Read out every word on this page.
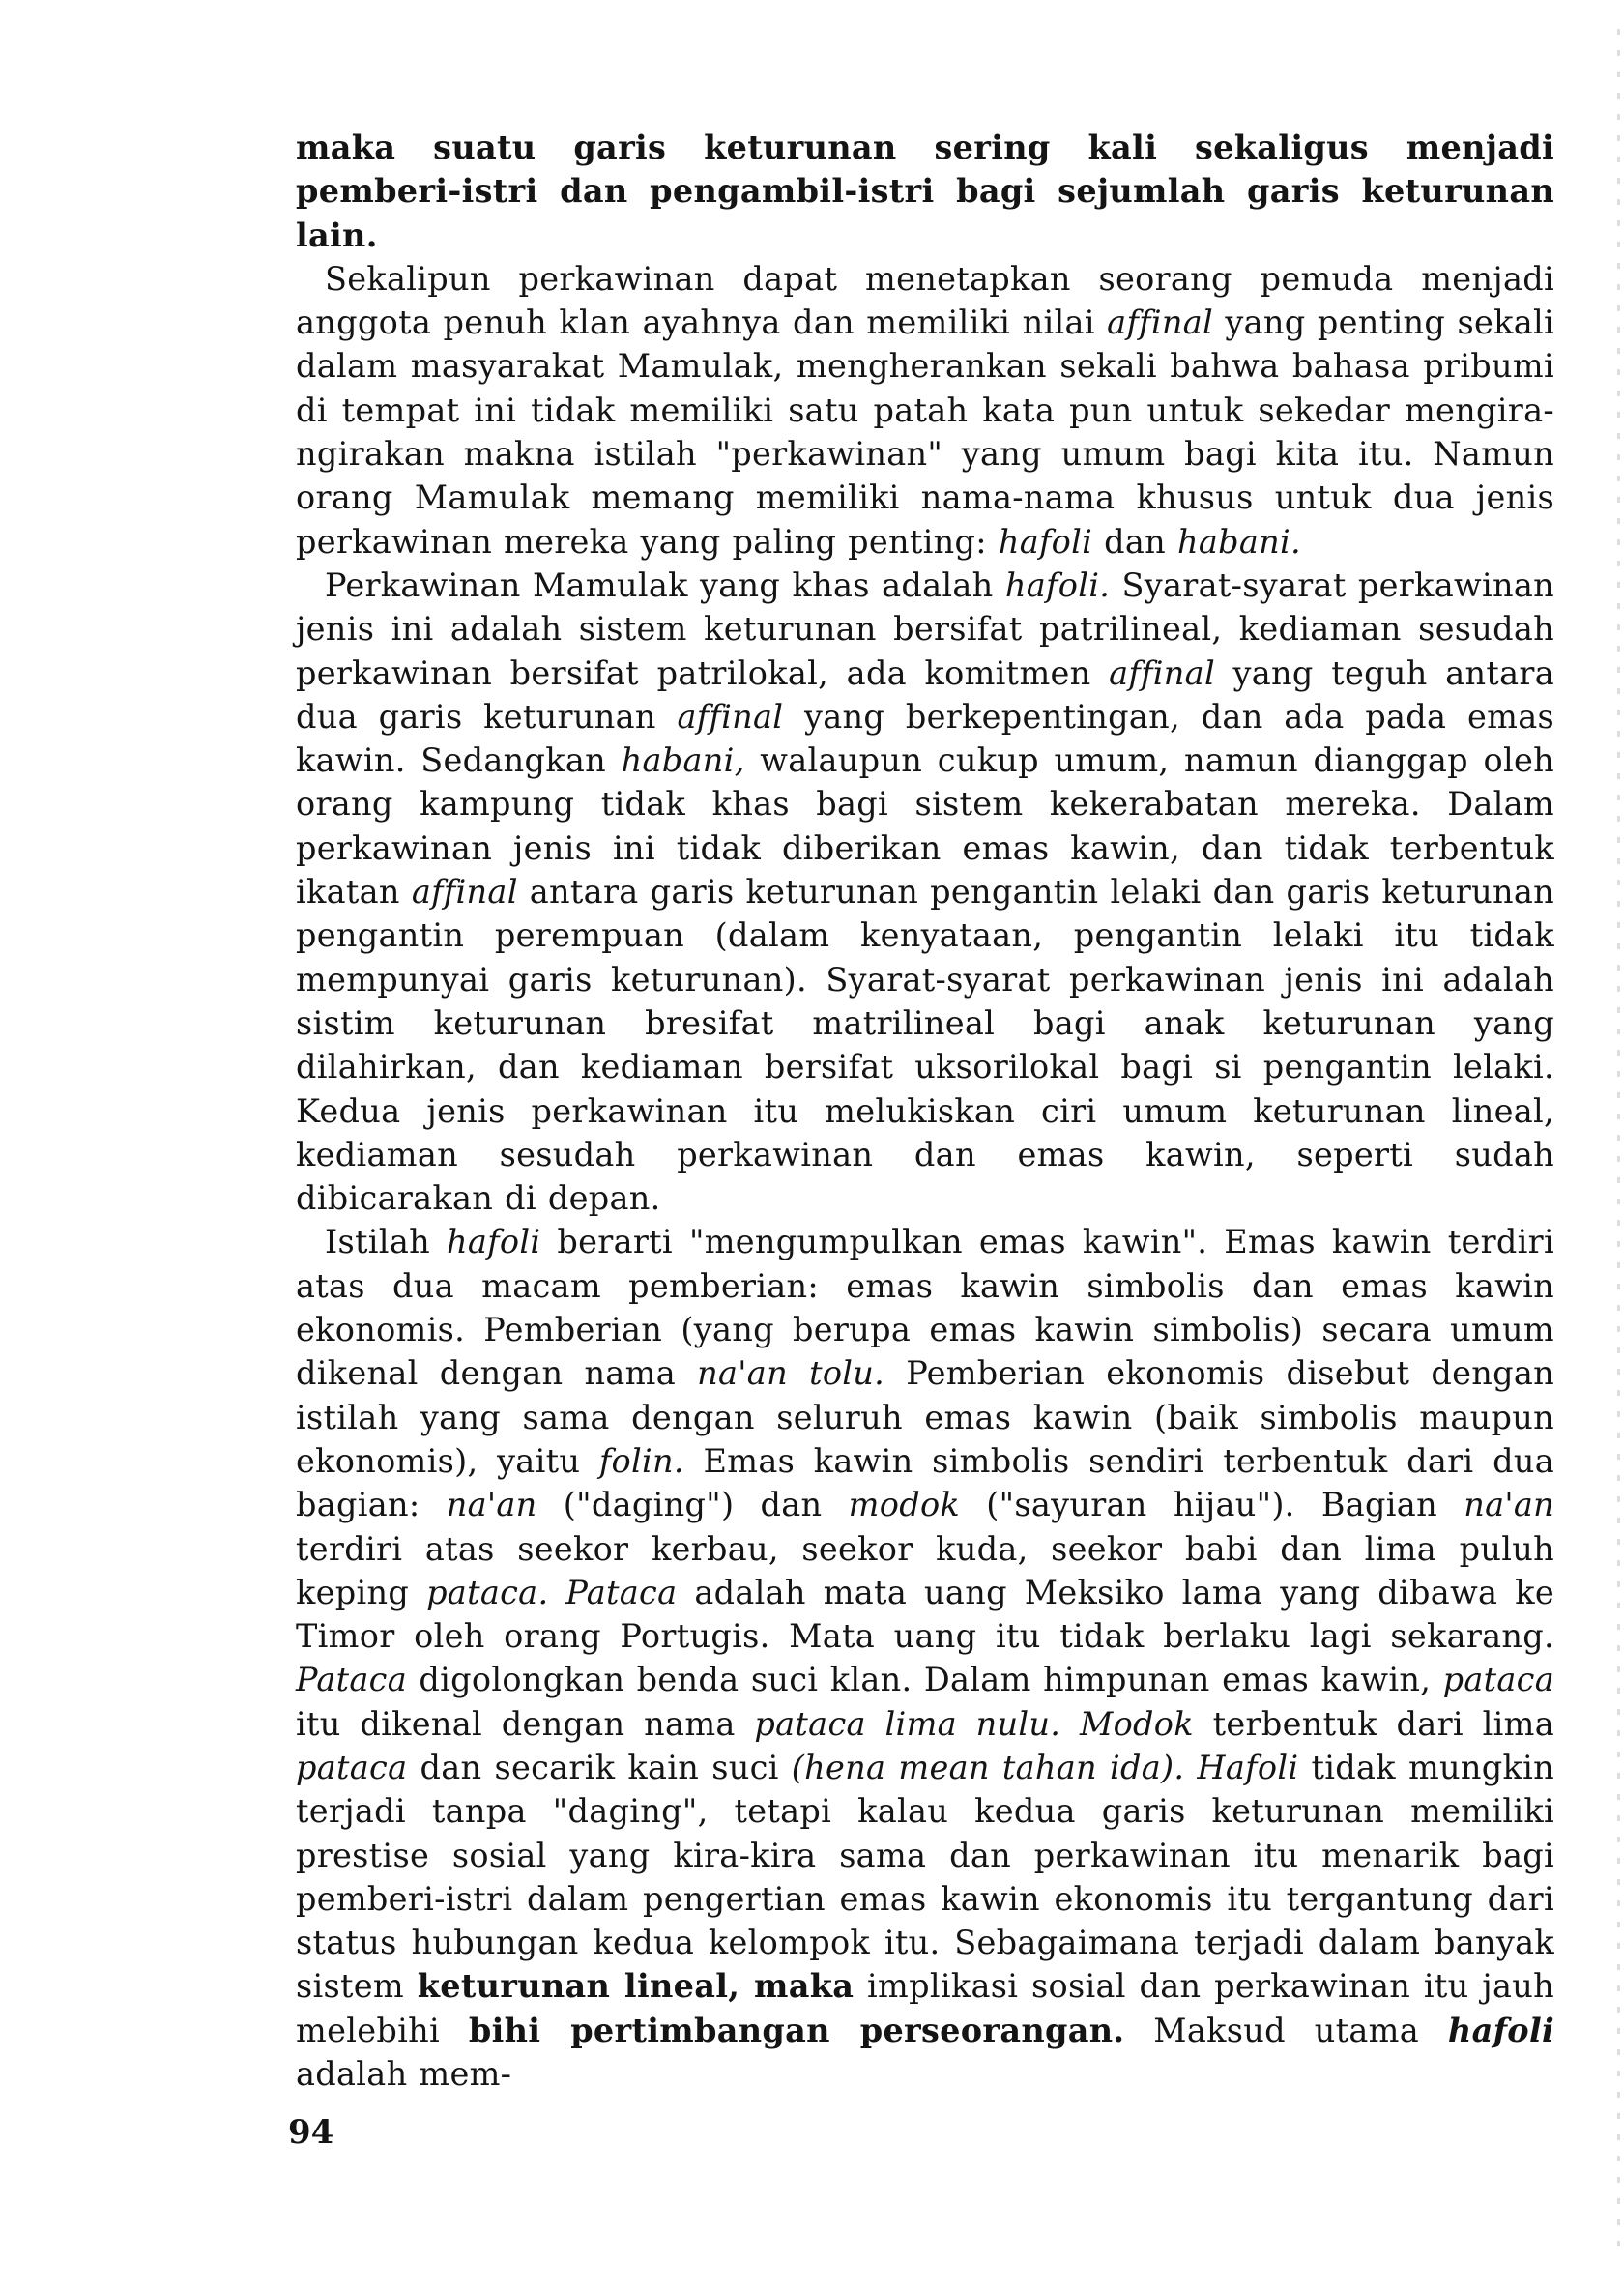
maka suatu garis keturunan sering kali sekaligus menjadi pemberi-istri dan pengambil-istri bagi sejumlah garis keturunan lain.

Sekalipun perkawinan dapat menetapkan seorang pemuda menjadi anggota penuh klan ayahnya dan memiliki nilai affinal yang penting sekali dalam masyarakat Mamulak, mengherankan sekali bahwa bahasa pribumi di tempat ini tidak memiliki satu patah kata pun untuk sekedar mengira-ngirakan makna istilah "perkawinan" yang umum bagi kita itu. Namun orang Mamulak memang memiliki nama-nama khusus untuk dua jenis perkawinan mereka yang paling penting: hafoli dan habani.

Perkawinan Mamulak yang khas adalah hafoli. Syarat-syarat perkawinan jenis ini adalah sistem keturunan bersifat patrilineal, kediaman sesudah perkawinan bersifat patrilokal, ada komitmen affinal yang teguh antara dua garis keturunan affinal yang berkepentingan, dan ada pada emas kawin. Sedangkan habani, walaupun cukup umum, namun dianggap oleh orang kampung tidak khas bagi sistem kekerabatan mereka. Dalam perkawinan jenis ini tidak diberikan emas kawin, dan tidak terbentuk ikatan affinal antara garis keturunan pengantin lelaki dan garis keturunan pengantin perempuan (dalam kenyataan, pengantin lelaki itu tidak mempunyai garis keturunan). Syarat-syarat perkawinan jenis ini adalah sistim keturunan bresifat matrilineal bagi anak keturunan yang dilahirkan, dan kediaman bersifat uksorilokal bagi si pengantin lelaki. Kedua jenis perkawinan itu melukiskan ciri umum keturunan lineal, kediaman sesudah perkawinan dan emas kawin, seperti sudah dibicarakan di depan.

Istilah hafoli berarti "mengumpulkan emas kawin". Emas kawin terdiri atas dua macam pemberian: emas kawin simbolis dan emas kawin ekonomis. Pemberian (yang berupa emas kawin simbolis) secara umum dikenal dengan nama na'an tolu. Pemberian ekonomis disebut dengan istilah yang sama dengan seluruh emas kawin (baik simbolis maupun ekonomis), yaitu folin. Emas kawin simbolis sendiri terbentuk dari dua bagian: na'an ("daging") dan modok ("sayuran hijau"). Bagian na'an terdiri atas seekor kerbau, seekor kuda, seekor babi dan lima puluh keping pataca. Pataca adalah mata uang Meksiko lama yang dibawa ke Timor oleh orang Portugis. Mata uang itu tidak berlaku lagi sekarang. Pataca digolongkan benda suci klan. Dalam himpunan emas kawin, pataca itu dikenal dengan nama pataca lima nulu. Modok terbentuk dari lima pataca dan secarik kain suci (hena mean tahan ida). Hafoli tidak mungkin terjadi tanpa "daging", tetapi kalau kedua garis keturunan memiliki prestise sosial yang kira-kira sama dan perkawinan itu menarik bagi pemberi-istri dalam pengertian emas kawin ekonomis itu tergantung dari status hubungan kedua kelompok itu. Sebagaimana terjadi dalam banyak sistem keturunan lineal, maka implikasi sosial dan perkawinan itu jauh melebihi bihi pertimbangan perseorangan. Maksud utama hafoli adalah mem-

94
